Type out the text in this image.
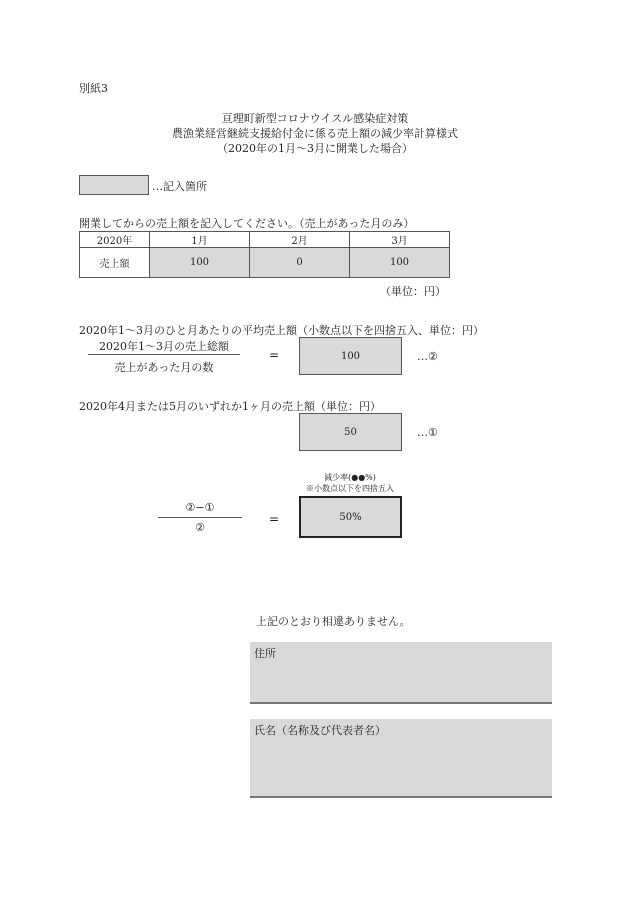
別紙3
亘理町新型コロナウイスル感染症対策
農漁業経営継続支援給付金に係る売上額の減少率計算様式
（2020年の1月～3月に開業した場合）
…記入箇所
開業してからの売上額を記入してください。（売上があった月のみ）
2020年	1月	2月	3月
売上額	100	0	100
（単位：円）
2020年1～3月のひと月あたりの平均売上額（小数点以下を四捨五入、単位：円）
2020年1～3月の売上総額
売上があった月の数
=	100	…②
2020年4月または5月のいずれか1ヶ月の売上額（単位：円）
50	…①
減少率(●●%)
※小数点以下を四捨五入
②−①
②
=	50%
上記のとおり相違ありません。
住所
氏名（名称及び代表者名）
